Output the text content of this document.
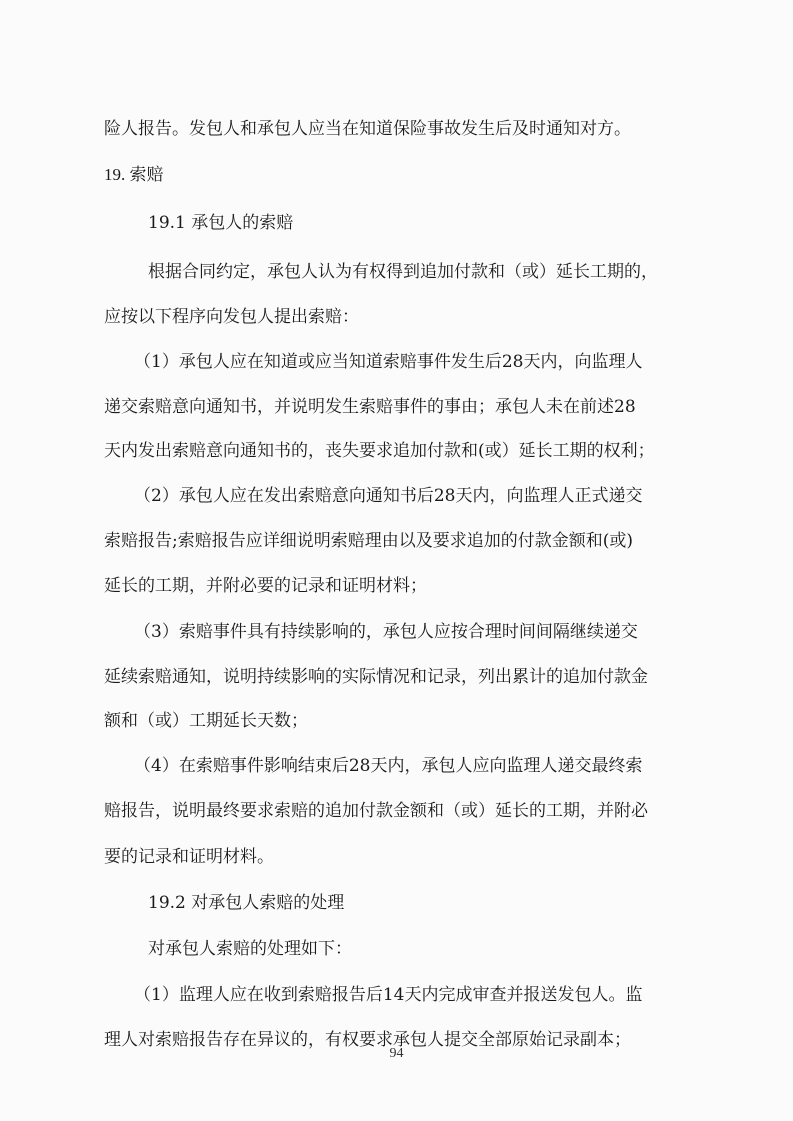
险人报告。发包人和承包人应当在知道保险事故发生后及时通知对方。

19. 索赔

19.1 承包人的索赔

根据合同约定，承包人认为有权得到追加付款和（或）延长工期的，

应按以下程序向发包人提出索赔：

（1）承包人应在知道或应当知道索赔事件发生后28天内，向监理人

递交索赔意向通知书，并说明发生索赔事件的事由；承包人未在前述28

天内发出索赔意向通知书的，丧失要求追加付款和(或）延长工期的权利；

（2）承包人应在发出索赔意向通知书后28天内，向监理人正式递交

索赔报告;索赔报告应详细说明索赔理由以及要求追加的付款金额和(或)

延长的工期，并附必要的记录和证明材料；

（3）索赔事件具有持续影响的，承包人应按合理时间间隔继续递交

延续索赔通知，说明持续影响的实际情况和记录，列出累计的追加付款金

额和（或）工期延长天数；

（4）在索赔事件影响结束后28天内，承包人应向监理人递交最终索

赔报告，说明最终要求索赔的追加付款金额和（或）延长的工期，并附必

要的记录和证明材料。

19.2 对承包人索赔的处理

对承包人索赔的处理如下：

（1）监理人应在收到索赔报告后14天内完成审查并报送发包人。监

理人对索赔报告存在异议的，有权要求承包人提交全部原始记录副本；

94
